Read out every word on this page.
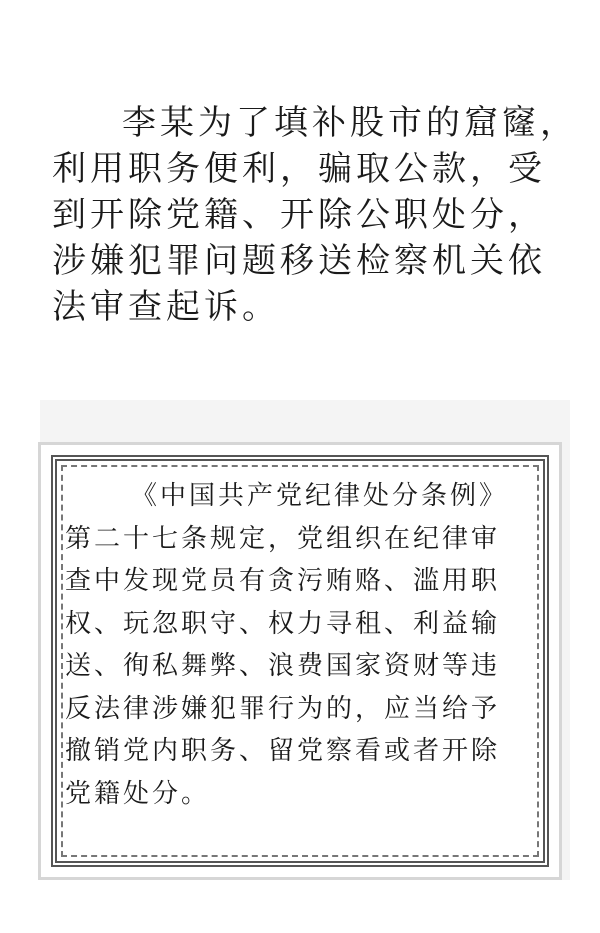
李某为了填补股市的窟窿，
利用职务便利，骗取公款，受
到开除党籍、开除公职处分，
涉嫌犯罪问题移送检察机关依
法审查起诉。
《中国共产党纪律处分条例》
第二十七条规定，党组织在纪律审
查中发现党员有贪污贿赂、滥用职
权、玩忽职守、权力寻租、利益输
送、徇私舞弊、浪费国家资财等违
反法律涉嫌犯罪行为的，应当给予
撤销党内职务、留党察看或者开除
党籍处分。
